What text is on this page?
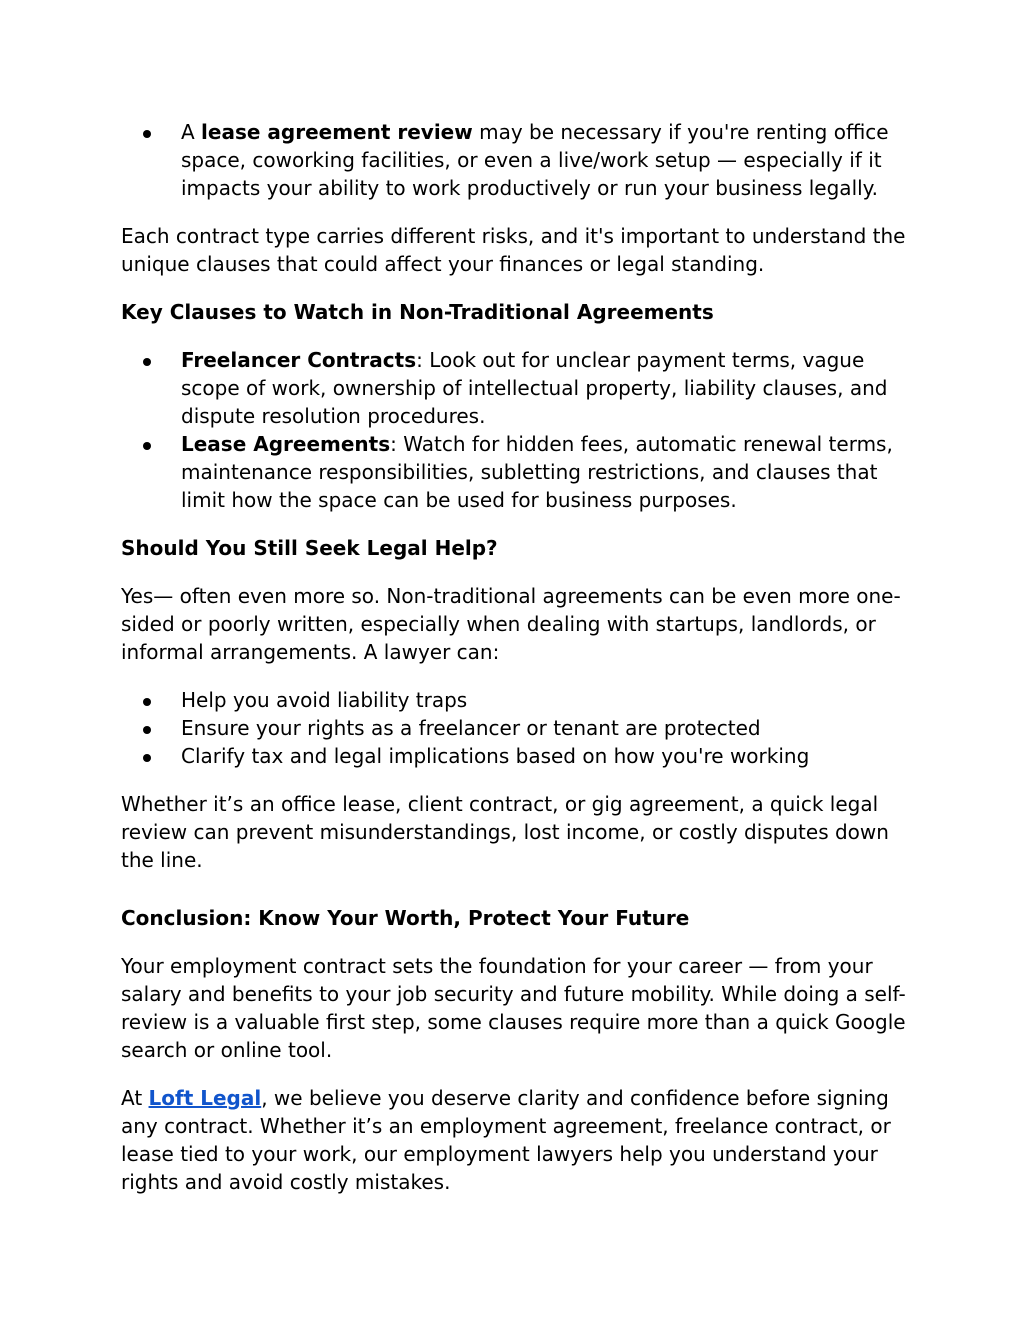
A lease agreement review may be necessary if you're renting office space, coworking facilities, or even a live/work setup — especially if it impacts your ability to work productively or run your business legally.

Each contract type carries different risks, and it's important to understand the unique clauses that could affect your finances or legal standing.

Key Clauses to Watch in Non-Traditional Agreements

Freelancer Contracts: Look out for unclear payment terms, vague scope of work, ownership of intellectual property, liability clauses, and dispute resolution procedures.
Lease Agreements: Watch for hidden fees, automatic renewal terms, maintenance responsibilities, subletting restrictions, and clauses that limit how the space can be used for business purposes.

Should You Still Seek Legal Help?

Yes— often even more so. Non-traditional agreements can be even more one-sided or poorly written, especially when dealing with startups, landlords, or informal arrangements. A lawyer can:

Help you avoid liability traps
Ensure your rights as a freelancer or tenant are protected
Clarify tax and legal implications based on how you're working

Whether it’s an office lease, client contract, or gig agreement, a quick legal review can prevent misunderstandings, lost income, or costly disputes down the line.

Conclusion: Know Your Worth, Protect Your Future

Your employment contract sets the foundation for your career — from your salary and benefits to your job security and future mobility. While doing a self-review is a valuable first step, some clauses require more than a quick Google search or online tool.

At Loft Legal, we believe you deserve clarity and confidence before signing any contract. Whether it’s an employment agreement, freelance contract, or lease tied to your work, our employment lawyers help you understand your rights and avoid costly mistakes.
